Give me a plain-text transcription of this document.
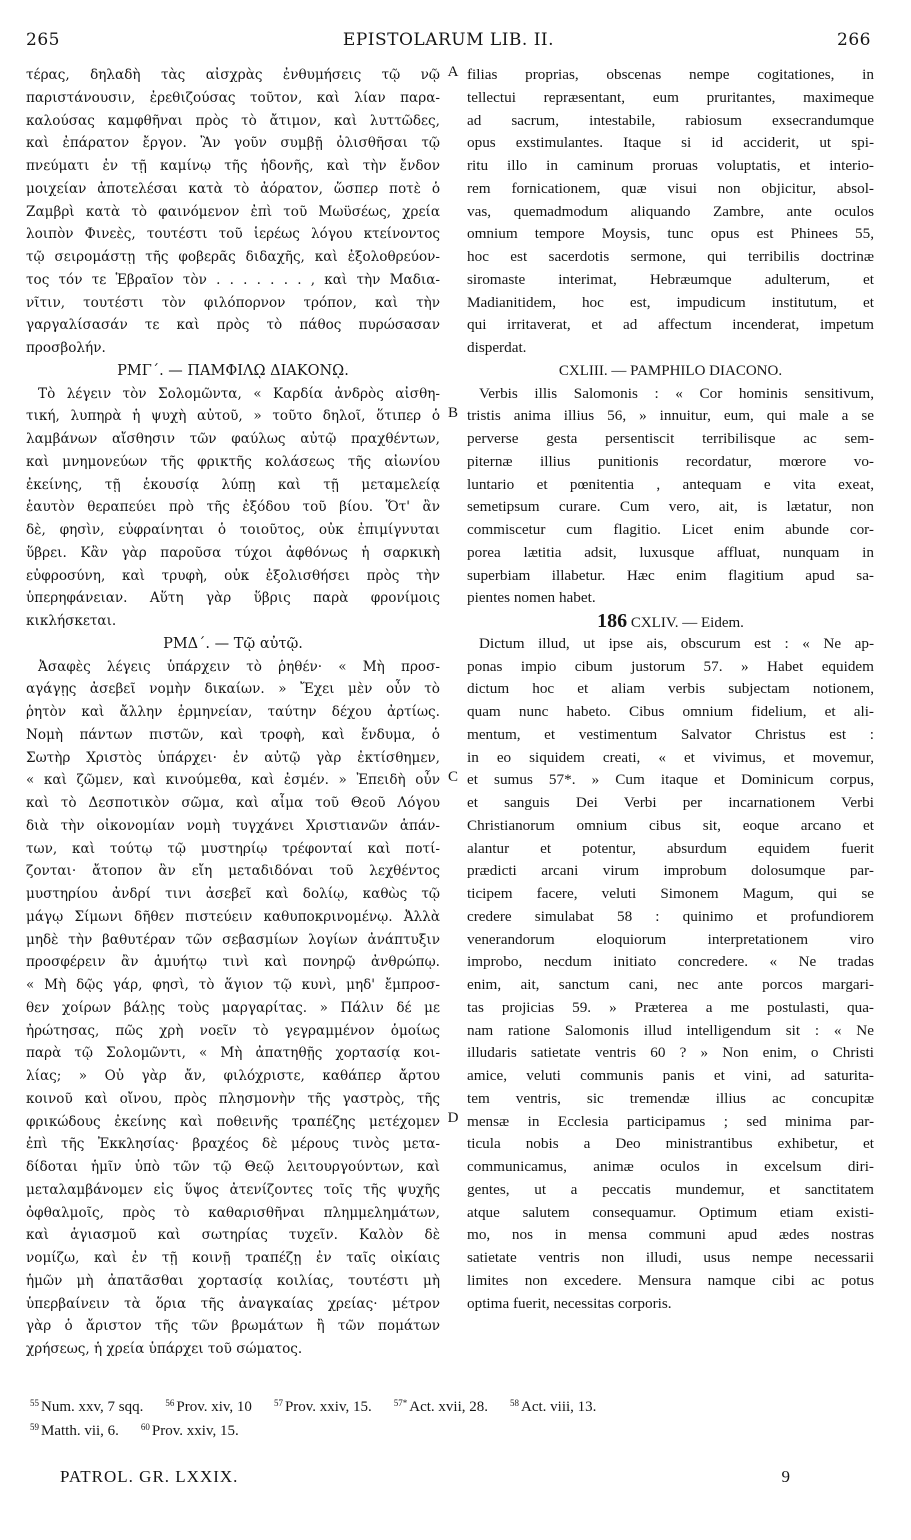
265	EPISTOLARUM LIB. II.	266

τέρας, δηλαδὴ τὰς αἰσχρὰς ἐνθυμήσεις τῷ νῷ
παριστάνουσιν, ἐρεθιζούσας τοῦτον, καὶ λίαν παρα-
καλούσας καμφθῆναι πρὸς τὸ ἄτιμον, καὶ λυττῶδες,
καὶ ἐπάρατον ἔργον. Ἂν γοῦν συμβῇ ὀλισθῆσαι τῷ
πνεύματι ἐν τῇ καμίνῳ τῆς ἡδονῆς, καὶ τὴν ἔνδον
μοιχείαν ἀποτελέσαι κατὰ τὸ ἀόρατον, ὥσπερ ποτὲ ὁ
Ζαμβρὶ κατὰ τὸ φαινόμενον ἐπὶ τοῦ Μωϋσέως, χρεία
λοιπὸν Φινεὲς, τουτέστι τοῦ ἱερέως λόγου κτείνοντος
τῷ σειρομάστῃ τῆς φοβερᾶς διδαχῆς, καὶ ἐξολοθρεύον-
τος τόν τε Ἑβραῖον τὸν . . . . . . . , καὶ τὴν Μαδια-
νῖτιν, τουτέστι τὸν φιλόπορνον τρόπον, καὶ τὴν
γαργαλίσασάν τε καὶ πρὸς τὸ πάθος πυρώσασαν
προσβολήν.

ΡΜΓ΄. — ΠΑΜΦΙΛῼ ΔΙΑΚΟΝῼ.

Τὸ λέγειν τὸν Σολομῶντα, « Καρδία ἀνδρὸς αἰσθη-
τική, λυπηρὰ ἡ ψυχὴ αὐτοῦ, » τοῦτο δηλοῖ, ὅτιπερ ὁ
λαμβάνων αἴσθησιν τῶν φαύλως αὐτῷ πραχθέντων,
καὶ μνημονεύων τῆς φρικτῆς κολάσεως τῆς αἰωνίου
ἐκείνης, τῇ ἑκουσίᾳ λύπῃ καὶ τῇ μεταμελείᾳ
ἑαυτὸν θεραπεύει πρὸ τῆς ἐξόδου τοῦ βίου. Ὅτ' ἂν
δὲ, φησὶν, εὐφραίνηται ὁ τοιοῦτος, οὐκ ἐπιμίγνυται
ὕβρει. Κἂν γὰρ παροῦσα τύχοι ἀφθόνως ἡ σαρκικὴ
εὐφροσύνη, καὶ τρυφὴ, οὐκ ἐξολισθήσει πρὸς τὴν
ὑπερηφάνειαν. Αὕτη γὰρ ὕβρις παρὰ φρονίμοις
κικλήσκεται.

ΡΜΔ΄. — Τῷ αὐτῷ.

Ἀσαφὲς λέγεις ὑπάρχειν τὸ ῥηθέν· « Μὴ προσ-
αγάγῃς ἀσεβεῖ νομὴν δικαίων. » Ἔχει μὲν οὖν τὸ
ῥητὸν καὶ ἄλλην ἑρμηνείαν, ταύτην δέχου ἀρτίως.
Νομὴ πάντων πιστῶν, καὶ τροφὴ, καὶ ἔνδυμα, ὁ
Σωτὴρ Χριστὸς ὑπάρχει· ἐν αὐτῷ γὰρ ἐκτίσθημεν,
« καὶ ζῶμεν, καὶ κινούμεθα, καὶ ἐσμέν. » Ἐπειδὴ οὖν
καὶ τὸ Δεσποτικὸν σῶμα, καὶ αἷμα τοῦ Θεοῦ Λόγου
διὰ τὴν οἰκονομίαν νομὴ τυγχάνει Χριστιανῶν ἁπάν-
των, καὶ τούτῳ τῷ μυστηρίῳ τρέφονταί καὶ ποτί-
ζονται· ἄτοπον ἂν εἴη μεταδιδόναι τοῦ λεχθέντος
μυστηρίου ἀνδρί τινι ἀσεβεῖ καὶ δολίῳ, καθὼς τῷ
μάγῳ Σίμωνι δῆθεν πιστεύειν καθυποκρινομένῳ. Ἀλλὰ
μηδὲ τὴν βαθυτέραν τῶν σεβασμίων λογίων ἀνάπτυξιν
προσφέρειν ἂν ἁμυήτῳ τινὶ καὶ πονηρῷ ἀνθρώπῳ.
« Μὴ δῷς γάρ, φησὶ, τὸ ἅγιον τῷ κυνὶ, μηδ' ἔμπροσ-
θεν χοίρων βάλῃς τοὺς μαργαρίτας. » Πάλιν δέ με
ἠρώτησας, πῶς χρὴ νοεῖν τὸ γεγραμμένον ὁμοίως
παρὰ τῷ Σολομῶντι, « Μὴ ἀπατηθῇς χορτασίᾳ κοι-
λίας; » Οὐ γὰρ ἄν, φιλόχριστε, καθάπερ ἄρτου
κοινοῦ καὶ οἴνου, πρὸς πλησμονὴν τῆς γαστρὸς, τῆς
φρικώδους ἐκείνης καὶ ποθεινῆς τραπέζης μετέχομεν
ἐπὶ τῆς Ἐκκλησίας· βραχέος δὲ μέρους τινὸς μετα-
δίδοται ἡμῖν ὑπὸ τῶν τῷ Θεῷ λειτουργούντων, καὶ
μεταλαμβάνομεν εἰς ὕψος ἀτενίζοντες τοῖς τῆς ψυχῆς
ὀφθαλμοῖς, πρὸς τὸ καθαρισθῆναι πλημμελημάτων,
καὶ ἁγιασμοῦ καὶ σωτηρίας τυχεῖν. Καλὸν δὲ
νομίζω, καὶ ἐν τῇ κοινῇ τραπέζῃ ἐν ταῖς οἰκίαις
ἡμῶν μὴ ἀπατᾶσθαι χορτασίᾳ κοιλίας, τουτέστι μὴ
ὑπερβαίνειν τὰ ὅρια τῆς ἀναγκαίας χρείας· μέτρον
γὰρ ὁ ἄριστον τῆς τῶν βρωμάτων ἢ τῶν πομάτων
χρήσεως, ἡ χρεία ὑπάρχει τοῦ σώματος.

filias proprias, obscenas nempe cogitationes, in
tellectui repræsentant, eum pruritantes, maximeque
ad sacrum, intestabile, rabiosum exsecrandumque
opus exstimulantes. Itaque si id acciderit, ut spi-
ritu illo in caminum proruas voluptatis, et interio-
rem fornicationem, quæ visui non objicitur, absol-
vas, quemadmodum aliquando Zambre, ante oculos
omnium tempore Moysis, tunc opus est Phinees 55,
hoc est sacerdotis sermone, qui terribilis doctrinæ
siromaste interimat, Hebræumque adulterum, et
Madianitidem, hoc est, impudicum institutum, et
qui irritaverat, et ad affectum incenderat, impetum
disperdat.

CXLIII. — PAMPHILO DIACONO.

Verbis illis Salomonis : « Cor hominis sensitivum,
tristis anima illius 56, » innuitur, eum, qui male a se
perverse gesta persentiscit terribilisque ac sem-
piternæ illius punitionis recordatur, mœrore vo-
luntario et pœnitentia , antequam e vita exeat,
semetipsum curare. Cum vero, ait, is lætatur, non
commiscetur cum flagitio. Licet enim abunde cor-
porea lætitia adsit, luxusque affluat, nunquam in
superbiam illabetur. Hæc enim flagitium apud sa-
pientes nomen habet.

186 CXLIV. — Eidem.

Dictum illud, ut ipse ais, obscurum est : « Ne ap-
ponas impio cibum justorum 57. » Habet equidem
dictum hoc et aliam verbis subjectam notionem,
quam nunc habeto. Cibus omnium fidelium, et ali-
mentum, et vestimentum Salvator Christus est :
in eo siquidem creati, « et vivimus, et movemur,
et sumus 57*. » Cum itaque et Dominicum corpus,
et sanguis Dei Verbi per incarnationem Verbi
Christianorum omnium cibus sit, eoque arcano et
alantur et potentur, absurdum equidem fuerit
prædicti arcani virum improbum dolosumque par-
ticipem facere, veluti Simonem Magum, qui se
credere simulabat 58 : quinimo et profundiorem
venerandorum eloquiorum interpretationem viro
improbo, necdum initiato concredere. « Ne tradas
enim, ait, sanctum cani, nec ante porcos margari-
tas projicias 59. » Præterea a me postulasti, qua-
nam ratione Salomonis illud intelligendum sit : « Ne
illudaris satietate ventris 60 ? » Non enim, o Christi
amice, veluti communis panis et vini, ad saturita-
tem ventris, sic tremendæ illius ac concupitæ
mensæ in Ecclesia participamus ; sed minima par-
ticula nobis a Deo ministrantibus exhibetur, et
communicamus, animæ oculos in excelsum diri-
gentes, ut a peccatis mundemur, et sanctitatem
atque salutem consequamur. Optimum etiam existi-
mo, nos in mensa communi apud ædes nostras
satietate ventris non illudi, usus nempe necessarii
limites non excedere. Mensura namque cibi ac potus
optima fuerit, necessitas corporis.

A
B
C
D
$^{55}$ Num. xxv, 7 sqq. $^{56}$ Prov. xiv, 10 $^{57}$ Prov. xxiv, 15. $^{57*}$ Act. xvii, 28. $^{58}$ Act. viii, 13.
$^{59}$ Matth. vii, 6. $^{60}$ Prov. xxiv, 15.
PATROL. GR. LXXIX.	9
